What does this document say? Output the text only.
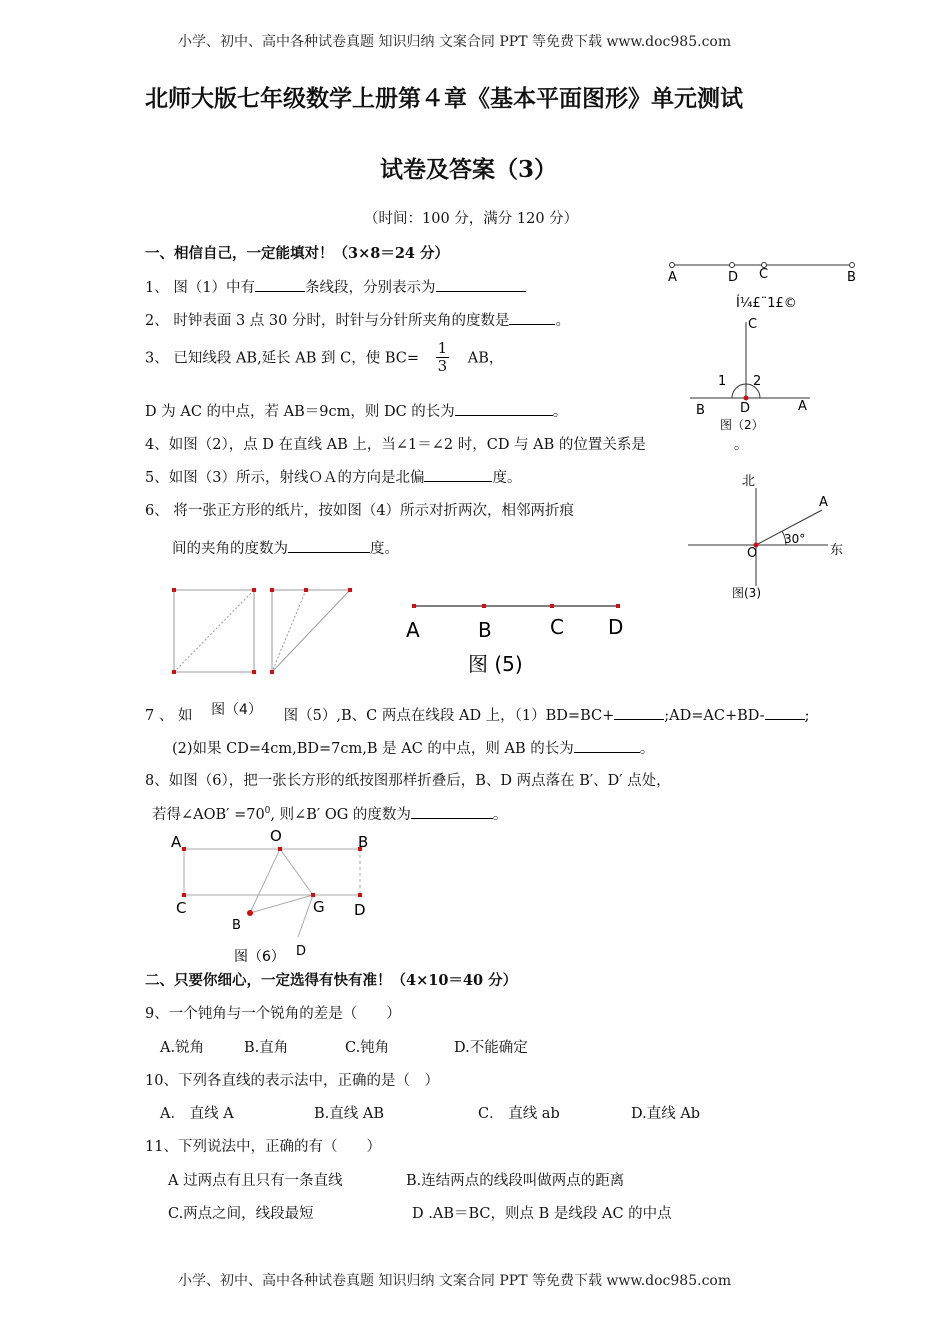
小学、初中、高中各种试卷真题 知识归纳 文案合同 PPT 等免费下载 www.doc985.com
北师大版七年级数学上册第４章《基本平面图形》单元测试
试卷及答案（3）
（时间：100 分，满分 120 分）
一、相信自己，一定能填对！（3×8＝24 分）
1、 图（1）中有	条线段，分别表示为
2、 时钟表面 3 点 30 分时，时针与分针所夹角的度数是	。
3、 已知线段 AB,延长 AB 到 C，使 $BC= \frac{1}{3}$ AB，
D 为 AC 的中点，若 AB＝9cm，则 DC 的长为	。
4、如图（2），点 D 在直线 AB 上，当∠1＝∠2 时，CD 与 AB 的位置关系是	。
5、如图（3）所示，射线ＯＡ的方向是北偏	度。
6、 将一张正方形的纸片，按如图（4）所示对折两次，相邻两折痕
间的夹角的度数为	度。
A	D C	B
Í¼£¨1£©
C
1 2
B	D	A
图（2）
北
东
A
O
30°
图(3)
A	B	C D
图 (5)
7 、 如 图（4） 图（5）,B、C 两点在线段 AD 上，（1）BD=BC+	;AD=AC+BD-	;
(2)如果 CD=4cm,BD=7cm,B 是 AC 的中点，则 AB 的长为	。
8、如图（6），把一张长方形的纸按图那样折叠后，B、D 两点落在 B′、D′ 点处，
若得∠AOB′ $=70^0$, 则∠B′ OG 的度数为	。
A	O	B
C	G D
B
D
图（6）
二、只要你细心，一定选得有快有准！（4×10＝40 分）
9、一个钝角与一个锐角的差是（　　）
A.锐角	B.直角	C.钝角	D.不能确定
10、下列各直线的表示法中，正确的是（　）
A． 直线 A	B.直线 AB	C． 直线 ab	D.直线 Ab
11、下列说法中，正确的有（　　）
A 过两点有且只有一条直线	B.连结两点的线段叫做两点的距离
C.两点之间，线段最短	D .AB＝BC，则点 B 是线段 AC 的中点
小学、初中、高中各种试卷真题 知识归纳 文案合同 PPT 等免费下载 www.doc985.com
